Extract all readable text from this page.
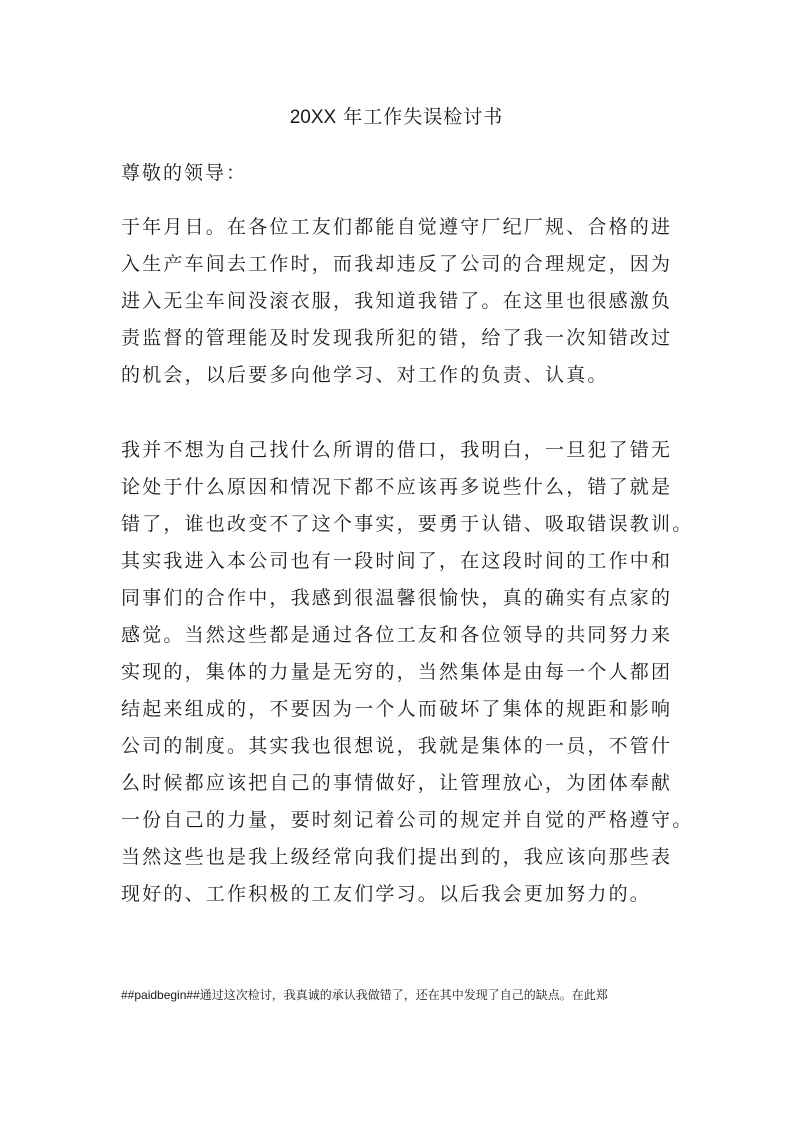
20XX 年工作失误检讨书
尊敬的领导：
于年月日。在各位工友们都能自觉遵守厂纪厂规、合格的进
入生产车间去工作时，而我却违反了公司的合理规定，因为
进入无尘车间没滚衣服，我知道我错了。在这里也很感激负
责监督的管理能及时发现我所犯的错，给了我一次知错改过
的机会，以后要多向他学习、对工作的负责、认真。
我并不想为自己找什么所谓的借口，我明白，一旦犯了错无
论处于什么原因和情况下都不应该再多说些什么，错了就是
错了，谁也改变不了这个事实，要勇于认错、吸取错误教训。
其实我进入本公司也有一段时间了，在这段时间的工作中和
同事们的合作中，我感到很温馨很愉快，真的确实有点家的
感觉。当然这些都是通过各位工友和各位领导的共同努力来
实现的，集体的力量是无穷的，当然集体是由每一个人都团
结起来组成的，不要因为一个人而破坏了集体的规距和影响
公司的制度。其实我也很想说，我就是集体的一员，不管什
么时候都应该把自己的事情做好，让管理放心，为团体奉献
一份自己的力量，要时刻记着公司的规定并自觉的严格遵守。
当然这些也是我上级经常向我们提出到的，我应该向那些表
现好的、工作积极的工友们学习。以后我会更加努力的。
##paidbegin##通过这次检讨，我真诚的承认我做错了，还在其中发现了自己的缺点。在此郑
